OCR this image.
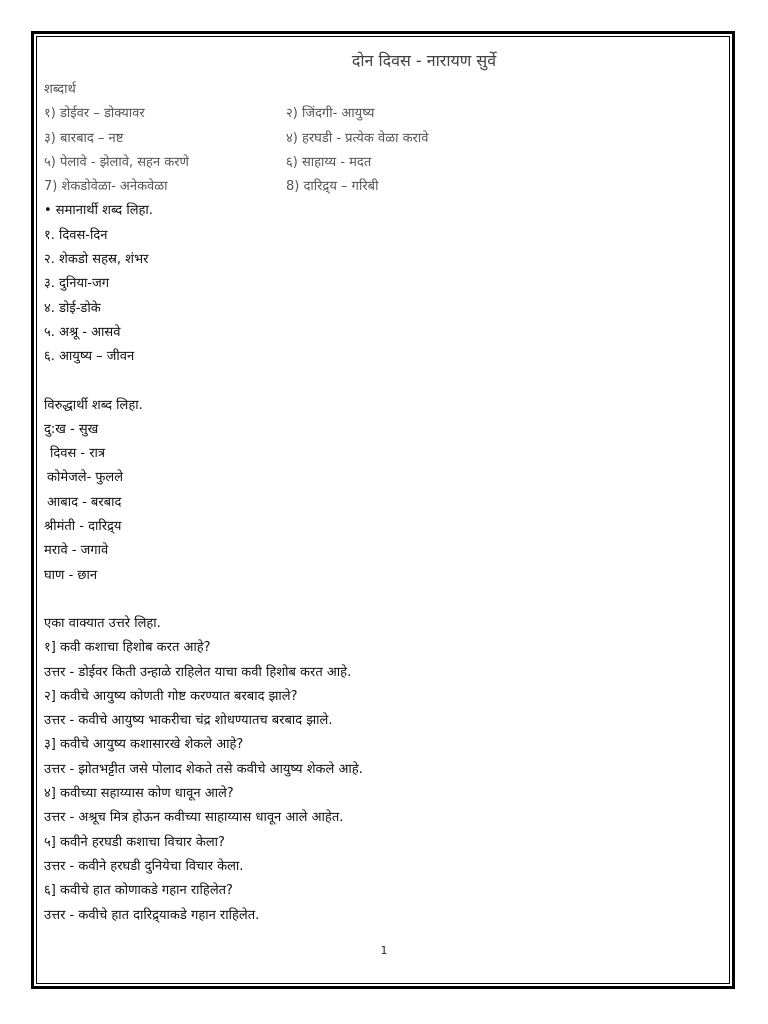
दोन दिवस - नारायण सुर्वे
शब्दार्थ
१) डोईवर – डोक्यावर	२) जिंदगी- आयुष्य
३) बारबाद – नष्ट	४) हरघडी - प्रत्येक वेळा करावे
५) पेलावे - झेलावे, सहन करणे	६) साहाय्य - मदत
7) शेकडोवेळा- अनेकवेळा	8) दारिद्र्य – गरिबी
• समानार्थी शब्द लिहा.
१. दिवस-दिन
२. शेकडो सहस्र, शंभर
३. दुनिया-जग
४. डोई-डोके
५. अश्रू - आसवे
६. आयुष्य – जीवन
विरुद्धार्थी शब्द लिहा.
दु:ख - सुख
दिवस - रात्र
कोमेजले- फुलले
आबाद - बरबाद
श्रीमंती - दारिद्र्य
मरावे - जगावे
घाण - छान
एका वाक्यात उत्तरे लिहा.
१] कवी कशाचा हिशोब करत आहे?
उत्तर - डोईवर किती उन्हाळे राहिलेत याचा कवी हिशोब करत आहे.
२] कवीचे आयुष्य कोणती गोष्ट करण्यात बरबाद झाले?
उत्तर - कवीचे आयुष्य भाकरीचा चंद्र शोधण्यातच बरबाद झाले.
३] कवीचे आयुष्य कशासारखे शेकले आहे?
उत्तर - झोतभट्टीत जसे पोलाद शेकते तसे कवीचे आयुष्य शेकले आहे.
४] कवीच्या सहाय्यास कोण धावून आले?
उत्तर - अश्रूच मित्र होऊन कवीच्या साहाय्यास धावून आले आहेत.
५] कवीने हरघडी कशाचा विचार केला?
उत्तर - कवीने हरघडी दुनियेचा विचार केला.
६] कवीचे हात कोणाकडे गहान राहिलेत?
उत्तर - कवीचे हात दारिद्र्याकडे गहान राहिलेत.
1
